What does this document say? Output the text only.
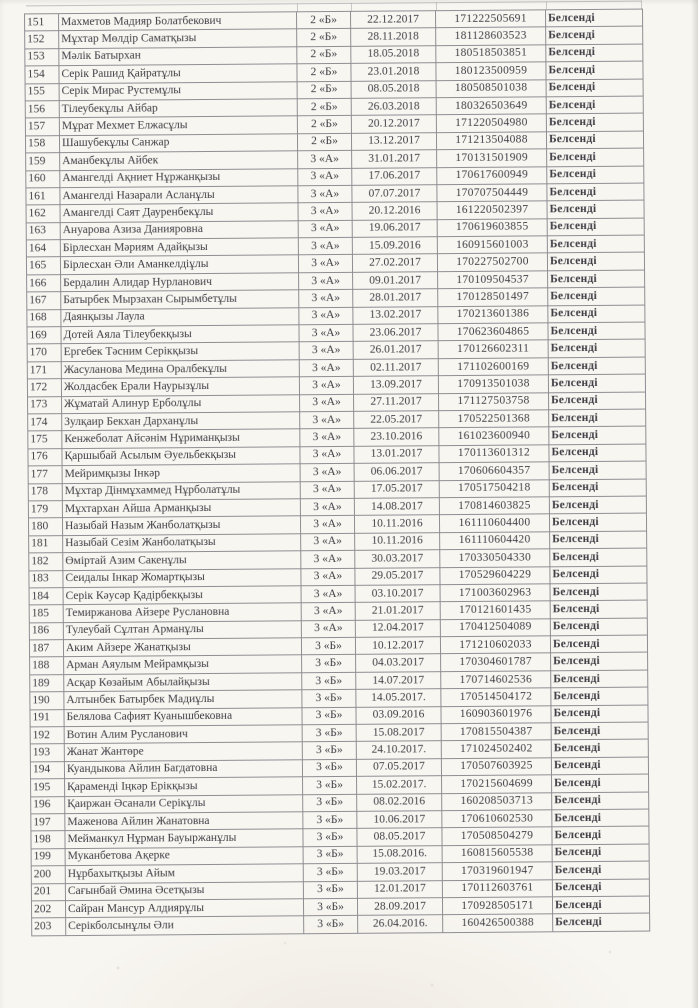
151	Махметов Мадияр Болатбекович	2 «Б»	22.12.2017	171222505691	Белсенді
152	Мұхтар Мөлдір Саматқызы	2 «Б»	28.11.2018	181128603523	Белсенді
153	Мәлік Батырхан	2 «Б»	18.05.2018	180518503851	Белсенді
154	Серік Рашид Қайратұлы	2 «Б»	23.01.2018	180123500959	Белсенді
155	Серік Мирас Рустемұлы	2 «Б»	08.05.2018	180508501038	Белсенді
156	Тілеубекұлы Айбар	2 «Б»	26.03.2018	180326503649	Белсенді
157	Мұрат Мехмет Елжасұлы	2 «Б»	20.12.2017	171220504980	Белсенді
158	Шашубекұлы Санжар	2 «Б»	13.12.2017	171213504088	Белсенді
159	Аманбекұлы Айбек	3 «А»	31.01.2017	170131501909	Белсенді
160	Амангелді Ақниет Нұржанқызы	3 «А»	17.06.2017	170617600949	Белсенді
161	Амангелді Назарали Асланұлы	3 «А»	07.07.2017	170707504449	Белсенді
162	Амангелді Саят Дауренбекұлы	3 «А»	20.12.2016	161220502397	Белсенді
163	Ануарова Азиза Данияровна	3 «А»	19.06.2017	170619603855	Белсенді
164	Бірлесхан Мәриям Адайқызы	3 «А»	15.09.2016	160915601003	Белсенді
165	Бірлесхан Әли Аманкелдіұлы	3 «А»	27.02.2017	170227502700	Белсенді
166	Бердалин Алидар Нурланович	3 «А»	09.01.2017	170109504537	Белсенді
167	Батырбек Мырзахан Сырымбетұлы	3 «А»	28.01.2017	170128501497	Белсенді
168	Даянқызы Лаула	3 «А»	13.02.2017	170213601386	Белсенді
169	Дотей Аяла Тілеубекқызы	3 «А»	23.06.2017	170623604865	Белсенді
170	Ергебек Тәсним Серікқызы	3 «А»	26.01.2017	170126602311	Белсенді
171	Жасуланова Медина Оралбекұлы	3 «А»	02.11.2017	171102600169	Белсенді
172	Жолдасбек Ерали Наурызұлы	3 «А»	13.09.2017	170913501038	Белсенді
173	Жұматай Алинур Ерболұлы	3 «А»	27.11.2017	171127503758	Белсенді
174	Зулқаир Бекхан Дарханұлы	3 «А»	22.05.2017	170522501368	Белсенді
175	Кенжеболат Айсәнім Нұриманқызы	3 «А»	23.10.2016	161023600940	Белсенді
176	Қаршыбай Асылым Әуельбекқызы	3 «А»	13.01.2017	170113601312	Белсенді
177	Мейримқызы Інкәр	3 «А»	06.06.2017	170606604357	Белсенді
178	Мұхтар Дінмұхаммед Нұрболатұлы	3 «А»	17.05.2017	170517504218	Белсенді
179	Мұхтархан Айша Арманқызы	3 «А»	14.08.2017	170814603825	Белсенді
180	Назыбай Назым Жанболатқызы	3 «А»	10.11.2016	161110604400	Белсенді
181	Назыбай Сезім Жанболатқызы	3 «А»	10.11.2016	161110604420	Белсенді
182	Өміртай Азим Сакенұлы	3 «А»	30.03.2017	170330504330	Белсенді
183	Сеидалы Інкар Жомартқызы	3 «А»	29.05.2017	170529604229	Белсенді
184	Серік Кәусәр Қадірбекқызы	3 «А»	03.10.2017	171003602963	Белсенді
185	Темиржанова Айзере Руслановна	3 «А»	21.01.2017	170121601435	Белсенді
186	Тулеубай Сұлтан Арманұлы	3 «А»	12.04.2017	170412504089	Белсенді
187	Аким Айзере Жанатқызы	3 «Б»	10.12.2017	171210602033	Белсенді
188	Арман Аяулым Мейрамқызы	3 «Б»	04.03.2017	170304601787	Белсенді
189	Асқар Көзайым Абылайқызы	3 «Б»	14.07.2017	170714602536	Белсенді
190	Алтынбек Батырбек Мадиұлы	3 «Б»	14.05.2017.	170514504172	Белсенді
191	Белялова Сафият Куанышбековна	3 «Б»	03.09.2016	160903601976	Белсенді
192	Вотин Алим Русланович	3 «Б»	15.08.2017	170815504387	Белсенді
193	Жанат Жантөре	3 «Б»	24.10.2017.	171024502402	Белсенді
194	Куандыкова Айлин Багдатовна	3 «Б»	07.05.2017	170507603925	Белсенді
195	Қараменді Іңкәр Ерікқызы	3 «Б»	15.02.2017.	170215604699	Белсенді
196	Қаиржан Әсанали Серікұлы	3 «Б»	08.02.2016	160208503713	Белсенді
197	Маженова Айлин Жанатовна	3 «Б»	10.06.2017	170610602530	Белсенді
198	Мейманкул Нұрман Бауыржанұлы	3 «Б»	08.05.2017	170508504279	Белсенді
199	Муканбетова Ақерке	3 «Б»	15.08.2016.	160815605538	Белсенді
200	Нұрбахытқызы Айым	3 «Б»	19.03.2017	170319601947	Белсенді
201	Сағынбай Әмина Әсетқызы	3 «Б»	12.01.2017	170112603761	Белсенді
202	Сайран Мансур Алдиярұлы	3 «Б»	28.09.2017	170928505171	Белсенді
203	Серікболсынұлы Әли	3 «Б»	26.04.2016.	160426500388	Белсенді
